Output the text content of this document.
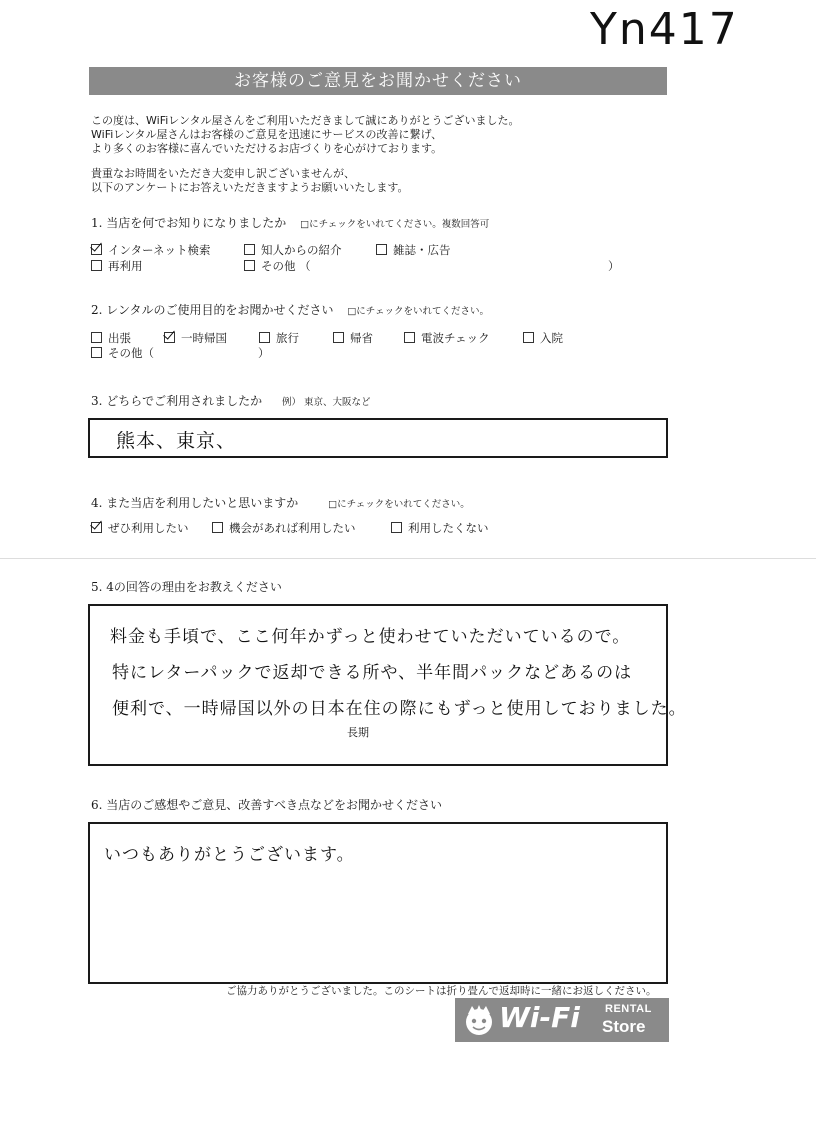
Yn417
お客様のご意見をお聞かせください
この度は、WiFiレンタル屋さんをご利用いただきまして誠にありがとうございました。
WiFiレンタル屋さんはお客様のご意見を迅速にサービスの改善に繋げ、
より多くのお客様に喜んでいただけるお店づくりを心がけております。
貴重なお時間をいただき大変申し訳ございませんが、
以下のアンケートにお答えいただきますようお願いいたします。
1. 当店を何でお知りになりましたか □にチェックをいれてください。複数回答可
インターネット検索	知人からの紹介	雑誌・広告
再利用	その他 （	）
2. レンタルのご使用目的をお聞かせください □にチェックをいれてください。
出張	一時帰国	旅行	帰省	電波チェック	入院
その他（	）
3. どちらでご利用されましたか 例） 東京、大阪など
熊本、東京、
4. また当店を利用したいと思いますか	□にチェックをいれてください。
ぜひ利用したい	機会があれば利用したい	利用したくない
5. 4の回答の理由をお教えください
料金も手頃で、ここ何年かずっと使わせていただいているので。
特にレターパックで返却できる所や、半年間パックなどあるのは
便利で、一時帰国以外の日本在住の際にもずっと使用しておりました。
長期
6. 当店のご感想やご意見、改善すべき点などをお聞かせください
いつもありがとうございます。
ご協力ありがとうございました。このシートは折り畳んで返却時に一緒にお返しください。
Wi-Fi RENTAL
Store
